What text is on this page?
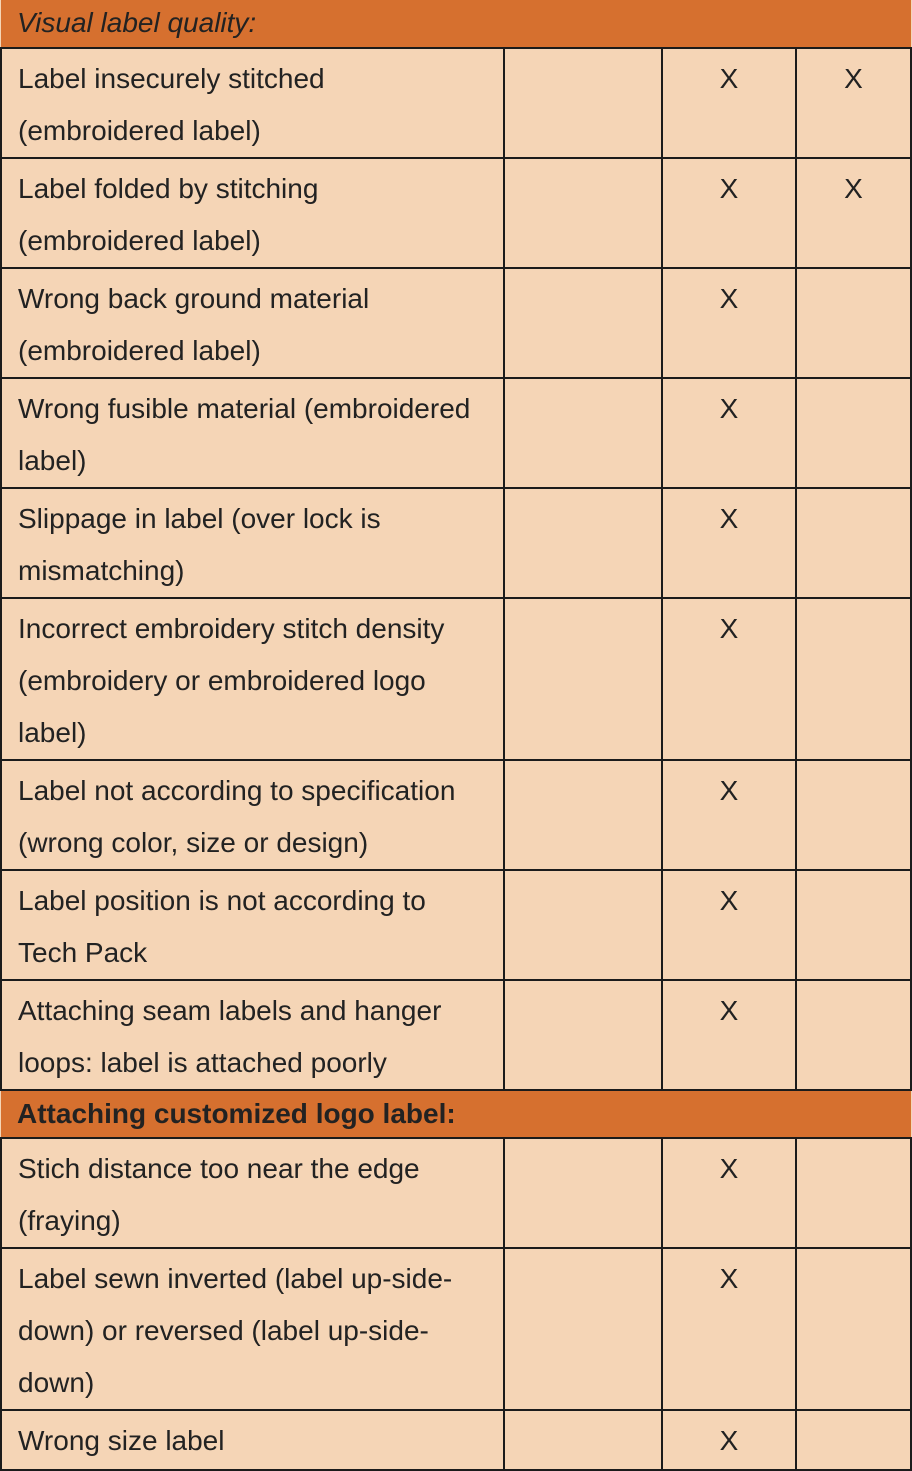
Visual label quality:			
Label insecurely stitched (embroidered label)		X	X
Label folded by stitching (embroidered label)		X	X
Wrong back ground material (embroidered label)		X	
Wrong fusible material (embroidered label)		X	
Slippage in label (over lock is mismatching)		X	
Incorrect embroidery stitch density (embroidery or embroidered logo label)		X	
Label not according to specification (wrong color, size or design)		X	
Label position is not according to Tech Pack		X	
Attaching seam labels and hanger loops: label is attached poorly		X	
Attaching customized logo label:			
Stich distance too near the edge (fraying)		X	
Label sewn inverted (label up-side-down) or reversed (label up-side-down)		X	
Wrong size label		X	
